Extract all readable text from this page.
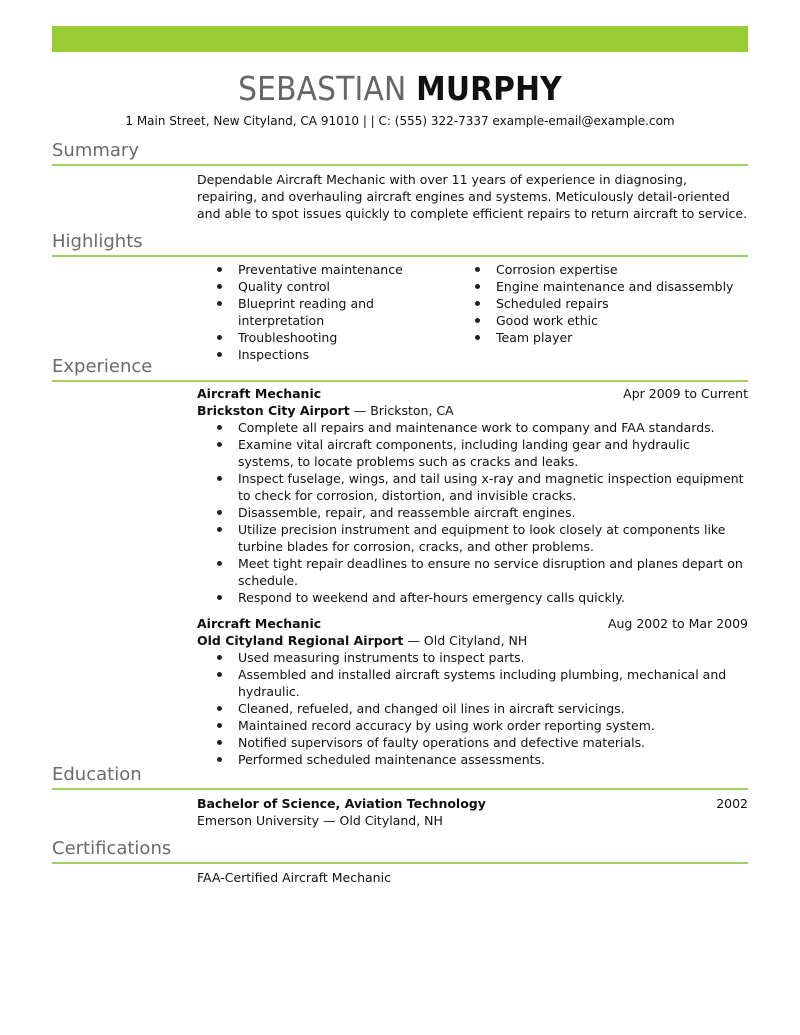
SEBASTIAN MURPHY
1 Main Street, New Cityland, CA 91010 | | C: (555) 322-7337 example-email@example.com
Summary
Dependable Aircraft Mechanic with over 11 years of experience in diagnosing, repairing, and overhauling aircraft engines and systems. Meticulously detail-oriented and able to spot issues quickly to complete efficient repairs to return aircraft to service.
Highlights
Preventative maintenance
Quality control
Blueprint reading and interpretation
Troubleshooting
Inspections
Corrosion expertise
Engine maintenance and disassembly
Scheduled repairs
Good work ethic
Team player
Experience
Aircraft Mechanic	Apr 2009 to Current
Brickston City Airport — Brickston, CA
Complete all repairs and maintenance work to company and FAA standards.
Examine vital aircraft components, including landing gear and hydraulic systems, to locate problems such as cracks and leaks.
Inspect fuselage, wings, and tail using x-ray and magnetic inspection equipment to check for corrosion, distortion, and invisible cracks.
Disassemble, repair, and reassemble aircraft engines.
Utilize precision instrument and equipment to look closely at components like turbine blades for corrosion, cracks, and other problems.
Meet tight repair deadlines to ensure no service disruption and planes depart on schedule.
Respond to weekend and after-hours emergency calls quickly.
Aircraft Mechanic	Aug 2002 to Mar 2009
Old Cityland Regional Airport — Old Cityland, NH
Used measuring instruments to inspect parts.
Assembled and installed aircraft systems including plumbing, mechanical and hydraulic.
Cleaned, refueled, and changed oil lines in aircraft servicings.
Maintained record accuracy by using work order reporting system.
Notified supervisors of faulty operations and defective materials.
Performed scheduled maintenance assessments.
Education
Bachelor of Science, Aviation Technology	2002
Emerson University — Old Cityland, NH
Certifications
FAA-Certified Aircraft Mechanic
